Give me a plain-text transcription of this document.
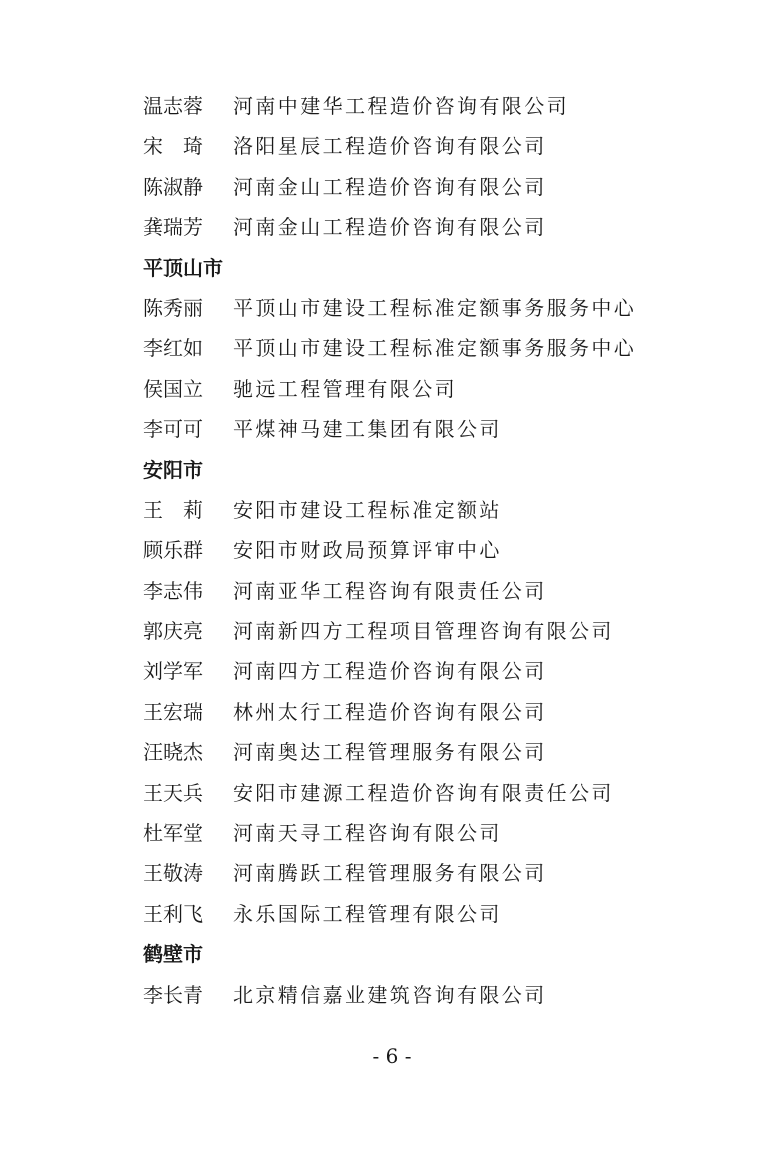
温志蓉	河南中建华工程造价咨询有限公司
宋　琦	洛阳星辰工程造价咨询有限公司
陈淑静	河南金山工程造价咨询有限公司
龚瑞芳	河南金山工程造价咨询有限公司
平顶山市
陈秀丽	平顶山市建设工程标准定额事务服务中心
李红如	平顶山市建设工程标准定额事务服务中心
侯国立	驰远工程管理有限公司
李可可	平煤神马建工集团有限公司
安阳市
王　莉	安阳市建设工程标准定额站
顾乐群	安阳市财政局预算评审中心
李志伟	河南亚华工程咨询有限责任公司
郭庆亮	河南新四方工程项目管理咨询有限公司
刘学军	河南四方工程造价咨询有限公司
王宏瑞	林州太行工程造价咨询有限公司
汪晓杰	河南奥达工程管理服务有限公司
王天兵	安阳市建源工程造价咨询有限责任公司
杜军堂	河南天寻工程咨询有限公司
王敬涛	河南腾跃工程管理服务有限公司
王利飞	永乐国际工程管理有限公司
鹤壁市
李长青	北京精信嘉业建筑咨询有限公司
- 6 -
